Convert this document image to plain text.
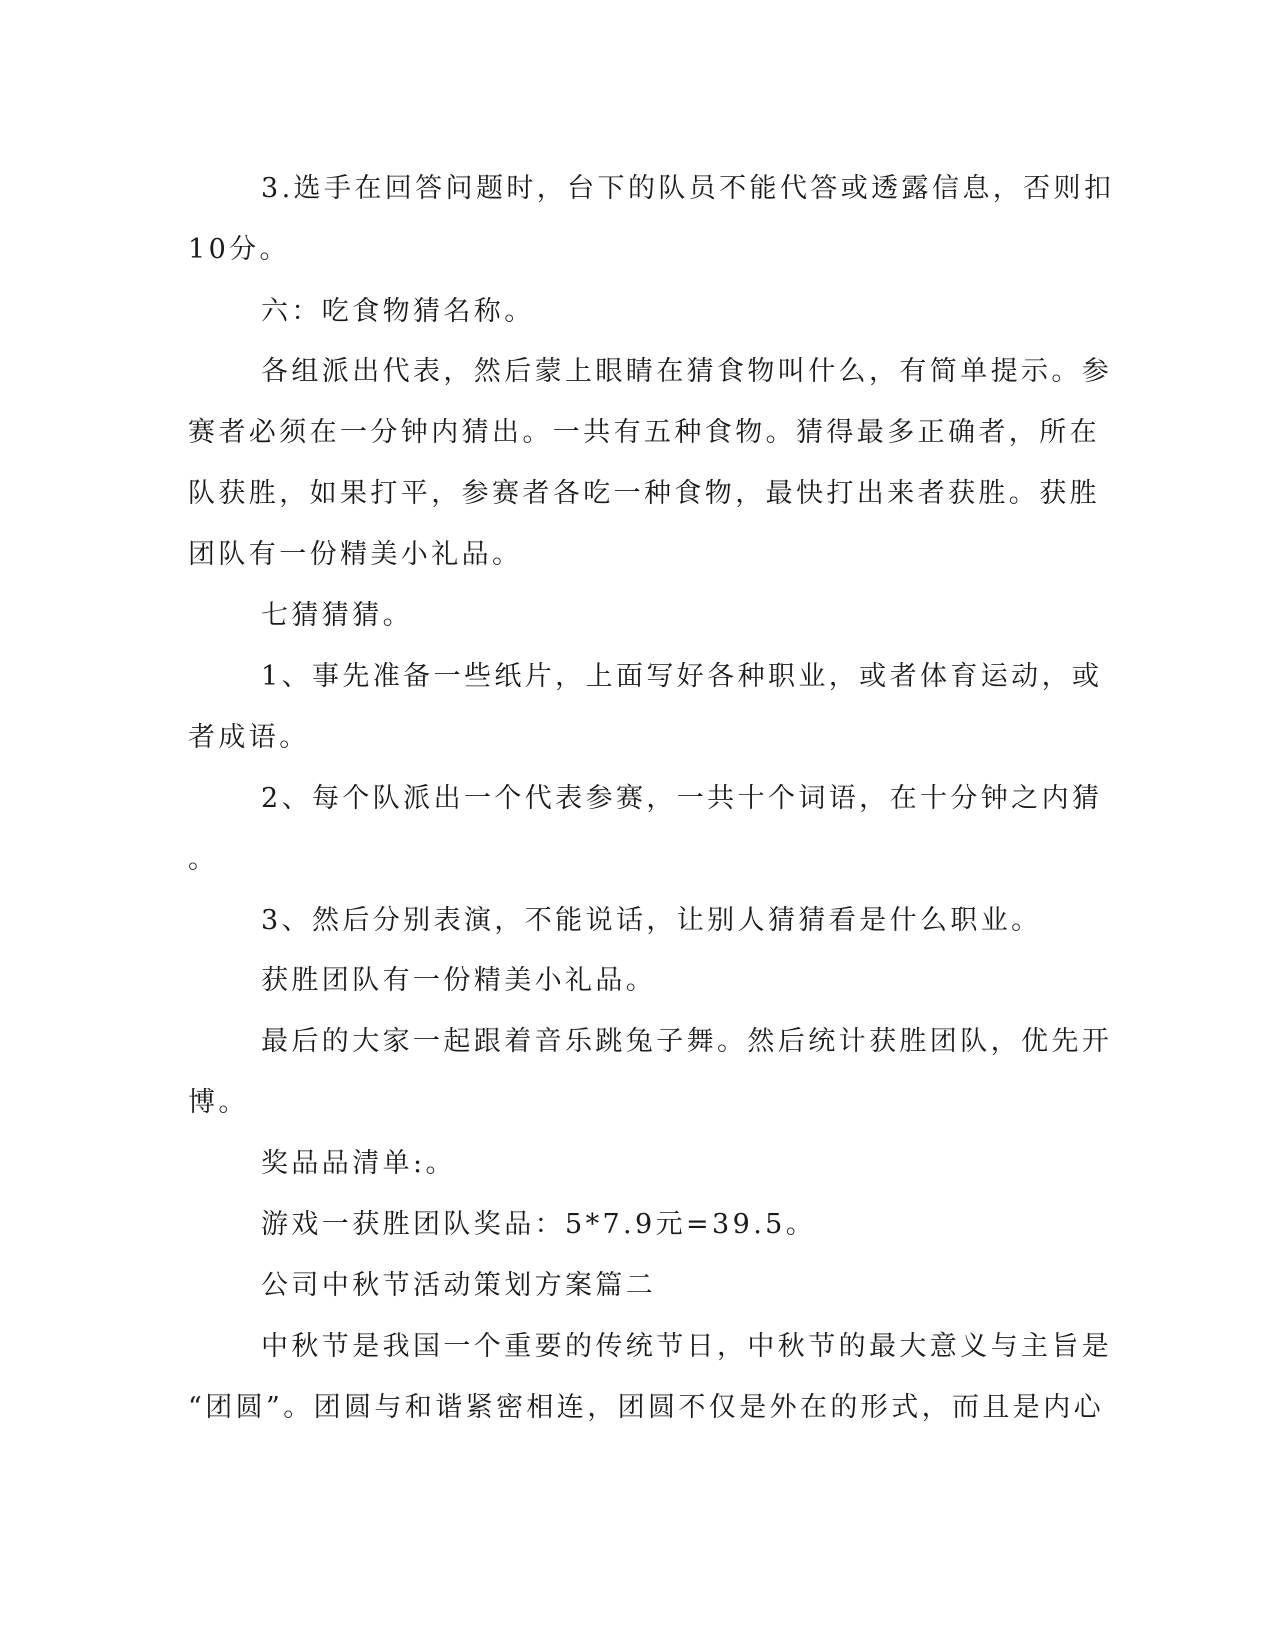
3.选手在回答问题时，台下的队员不能代答或透露信息，否则扣

10分。

六：吃食物猜名称。

各组派出代表，然后蒙上眼睛在猜食物叫什么，有简单提示。参

赛者必须在一分钟内猜出。一共有五种食物。猜得最多正确者，所在

队获胜，如果打平，参赛者各吃一种食物，最快打出来者获胜。获胜

团队有一份精美小礼品。

七猜猜猜。

1、事先准备一些纸片，上面写好各种职业，或者体育运动，或

者成语。

2、每个队派出一个代表参赛，一共十个词语，在十分钟之内猜

。

3、然后分别表演，不能说话，让别人猜猜看是什么职业。

获胜团队有一份精美小礼品。

最后的大家一起跟着音乐跳兔子舞。然后统计获胜团队，优先开

博。

奖品品清单:。

游戏一获胜团队奖品：5*7.9元=39.5。

公司中秋节活动策划方案篇二

中秋节是我国一个重要的传统节日，中秋节的最大意义与主旨是

“团圆”。团圆与和谐紧密相连，团圆不仅是外在的形式，而且是内心
